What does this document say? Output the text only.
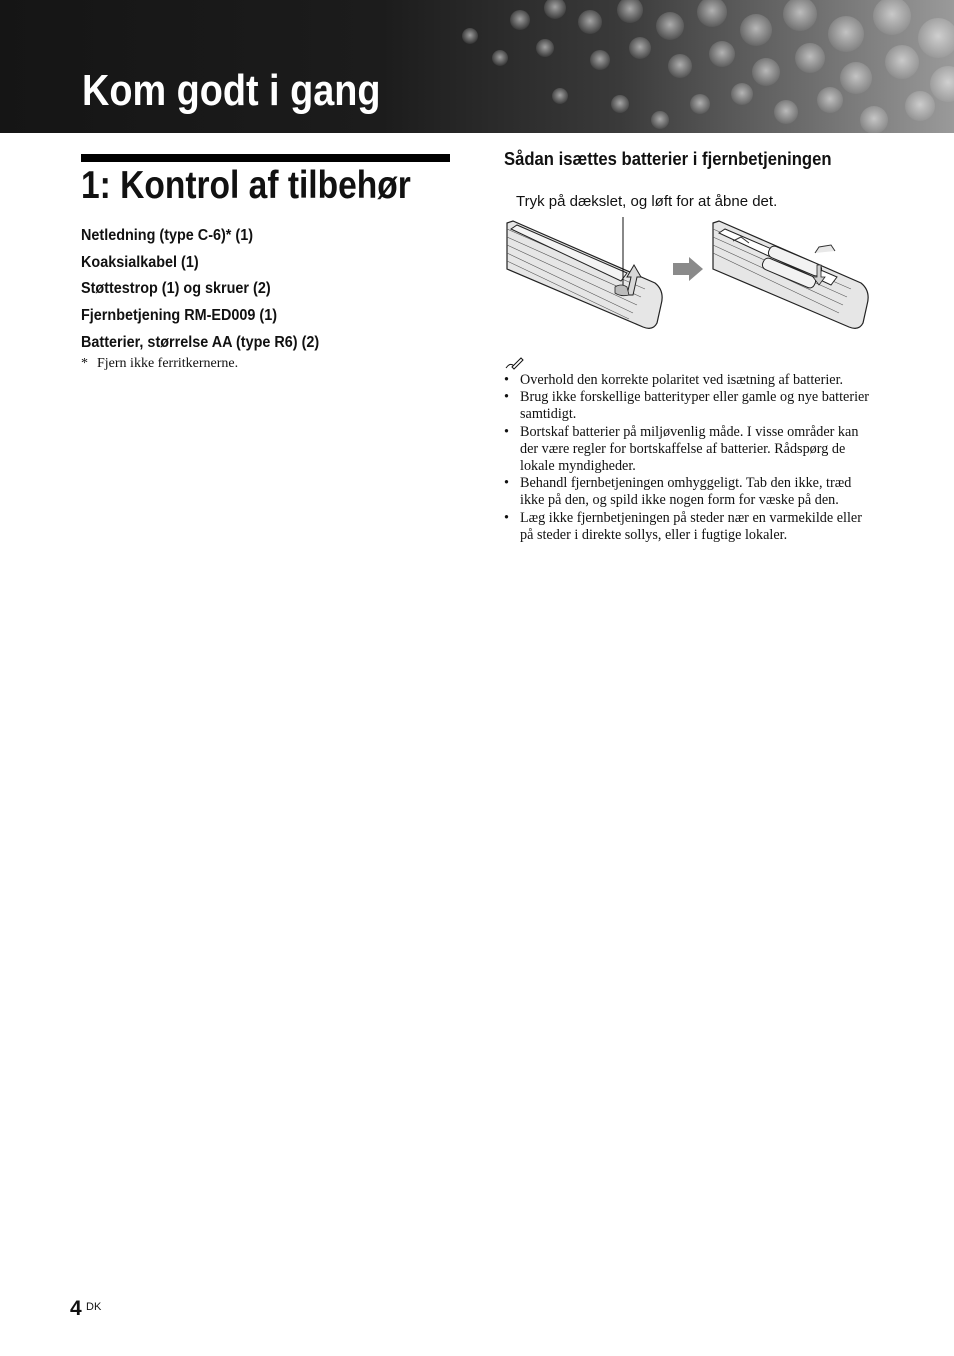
Kom godt i gang
1: Kontrol af tilbehør
Netledning (type C-6)* (1)
Koaksialkabel (1)
Støttestrop (1) og skruer (2)
Fjernbetjening RM-ED009 (1)
Batterier, størrelse AA (type R6) (2)
* Fjern ikke ferritkernerne.
Sådan isættes batterier i fjernbetjeningen
Tryk på dækslet, og løft for at åbne det.
• Overhold den korrekte polaritet ved isætning af batterier.
• Brug ikke forskellige batterityper eller gamle og nye batterier samtidigt.
• Bortskaf batterier på miljøvenlig måde. I visse områder kan der være regler for bortskaffelse af batterier. Rådspørg de lokale myndigheder.
• Behandl fjernbetjeningen omhyggeligt. Tab den ikke, træd ikke på den, og spild ikke nogen form for væske på den.
• Læg ikke fjernbetjeningen på steder nær en varmekilde eller på steder i direkte sollys, eller i fugtige lokaler.
4 DK
